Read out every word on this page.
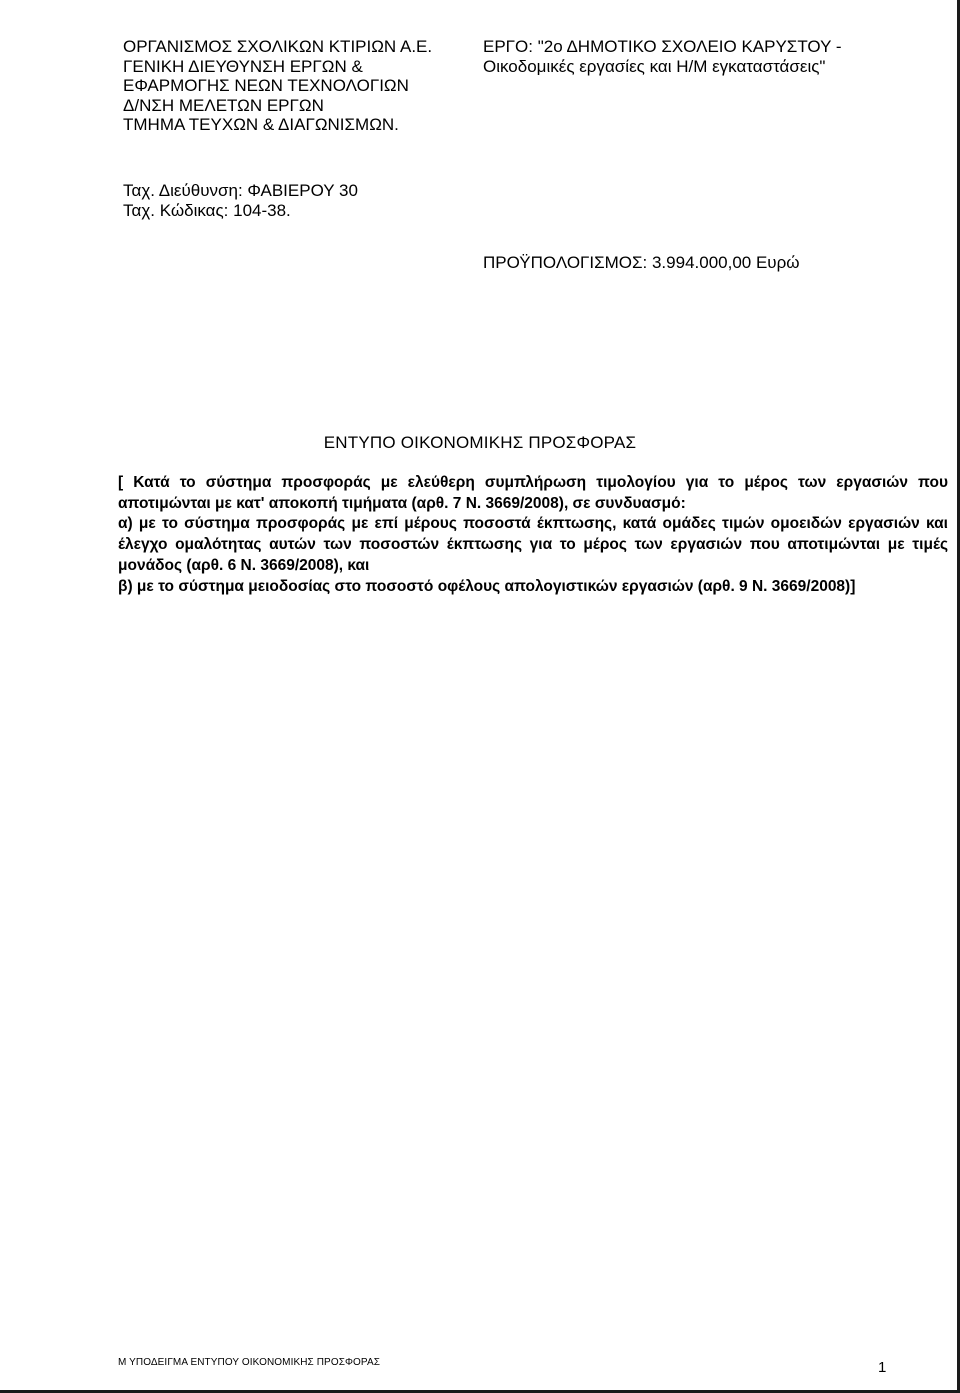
ΟΡΓΑΝΙΣΜΟΣ ΣΧΟΛΙΚΩΝ ΚΤΙΡΙΩΝ Α.Ε.
ΓΕΝΙΚΗ ΔΙΕΥΘΥΝΣΗ ΕΡΓΩΝ &
ΕΦΑΡΜΟΓΗΣ ΝΕΩΝ ΤΕΧΝΟΛΟΓΙΩΝ
Δ/ΝΣΗ ΜΕΛΕΤΩΝ ΕΡΓΩΝ
ΤΜΗΜΑ ΤΕΥΧΩΝ & ΔΙΑΓΩΝΙΣΜΩΝ.
ΕΡΓΟ: "2ο ΔΗΜΟΤΙΚΟ ΣΧΟΛΕΙΟ ΚΑΡΥΣΤΟΥ -
Οικοδομικές εργασίες και Η/Μ εγκαταστάσεις"
Ταχ. Διεύθυνση: ΦΑΒΙΕΡΟΥ 30
Ταχ. Κώδικας: 104-38.
ΠΡΟΫΠΟΛΟΓΙΣΜΟΣ: 3.994.000,00 Ευρώ
ΕΝΤΥΠΟ ΟΙΚΟΝΟΜΙΚΗΣ ΠΡΟΣΦΟΡΑΣ

[ Κατά το σύστημα προσφοράς με ελεύθερη συμπλήρωση τιμολογίου για το μέρος των εργασιών που αποτιμώνται με κατ' αποκοπή τιμήματα (αρθ. 7 Ν. 3669/2008), σε συνδυασμό:

α) με το σύστημα προσφοράς με επί μέρους ποσοστά έκπτωσης, κατά ομάδες τιμών ομοειδών εργασιών και έλεγχο ομαλότητας αυτών των ποσοστών έκπτωσης για το μέρος των εργασιών που αποτιμώνται με τιμές μονάδος (αρθ. 6 Ν. 3669/2008), και

β) με το σύστημα μειοδοσίας στο ποσοστό οφέλους απολογιστικών εργασιών (αρθ. 9 Ν. 3669/2008)]

Μ ΥΠΟΔΕΙΓΜΑ ΕΝΤΥΠΟΥ ΟΙΚΟΝΟΜΙΚΗΣ ΠΡΟΣΦΟΡΑΣ	1
